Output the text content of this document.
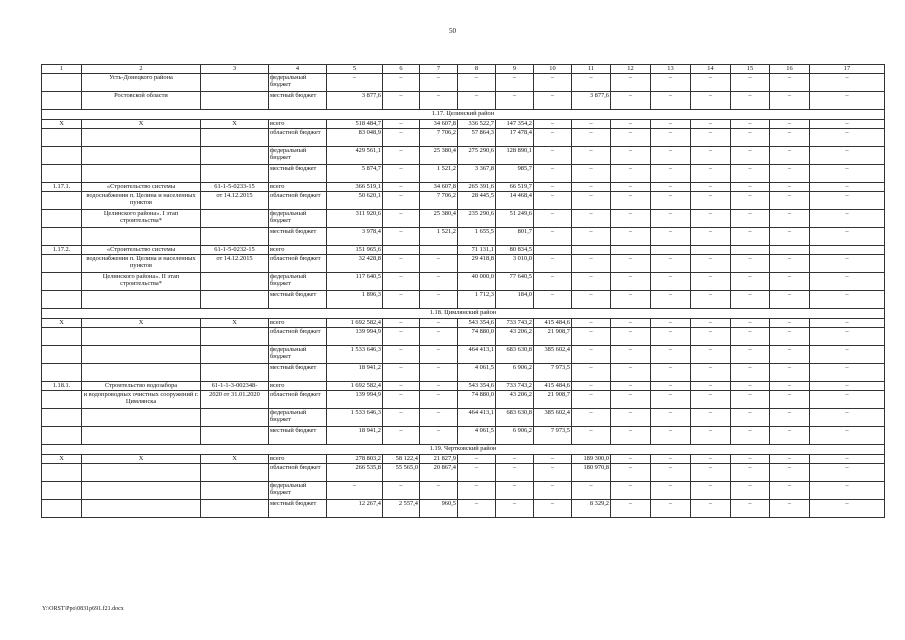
50
1	2	3	4	5	6	7	8	9	10	11	12	13	14	15	16	17
	Усть-Донецкого района		федеральный бюджет	–	–	–	–	–	–	–	–	–	–	–	–	–
	Ростовской области		местный бюджет	3 877,6	–	–	–	–	–	3 877,6	–	–	–	–	–	–
1.17. Целинский район																
Х	Х	Х	всего	518 484,7	–	34 607,8	336 522,7	147 354,2	–	–	–	–	–	–	–	–
			областной бюджет	83 048,9	–	7 706,2	57 864,3	17 478,4	–	–	–	–	–	–	–	–
			федеральный бюджет	429 561,1	–	25 380,4	275 290,6	128 890,1	–	–	–	–	–	–	–	–
			местный бюджет	5 874,7	–	1 521,2	3 367,8	985,7	–	–	–	–	–	–	–	–
1.17.1.	«Строительство системы	61-1-5-0233-15	всего	366 519,1	–	34 607,8	265 391,6	66 519,7	–	–	–	–	–	–	–	–
	водоснабжения п. Целина и населенных пунктов	от 14.12.2015	областной бюджет	50 620,1	–	7 706,2	28 445,5	14 468,4	–	–	–	–	–	–	–	–
	Целинского района». I этап строительства*		федеральный бюджет	311 920,6	–	25 380,4	235 290,6	51 249,6	–	–	–	–	–	–	–	–
			местный бюджет	3 978,4	–	1 521,2	1 655,5	801,7	–	–	–	–	–	–	–	–
1.17.2.	«Строительство системы	61-1-5-0232-15	всего	151 965,6			71 131,1	80 834,5								
	водоснабжения п. Целина и населенных пунктов	от 14.12.2015	областной бюджет	32 428,8	–	–	29 418,8	3 010,0	–	–	–	–	–	–	–	–
	Целинского района». II этап строительства*		федеральный бюджет	117 640,5	–	–	40 000,0	77 640,5	–	–	–	–	–	–	–	–
			местный бюджет	1 896,3	–	–	1 712,3	184,0	–	–	–	–	–	–	–	–
1.18. Цимлянский район																
Х	Х	Х	всего	1 692 582,4	–	–	543 354,6	733 743,2	415 484,6	–	–	–	–	–	–	–
			областной бюджет	139 994,9	–	–	74 880,0	43 206,2	21 908,7	–	–	–	–	–	–	–
			федеральный бюджет	1 533 646,3	–	–	464 413,1	683 630,8	385 602,4	–	–	–	–	–	–	–
			местный бюджет	18 941,2	–	–	4 061,5	6 906,2	7 973,5	–	–	–	–	–	–	–
1.18.1.	Строительство водозабора	61-1-1-3-002348-	всего	1 692 582,4	–	–	543 354,6	733 743,2	415 484,6	–	–	–	–	–	–	–
	и водопроводных очистных сооружений г. Цимлянска	2020 от 31.01.2020	областной бюджет	139 994,9	–	–	74 880,0	43 206,2	21 908,7	–	–	–	–	–	–	–
			федеральный бюджет	1 533 646,3	–	–	464 413,1	683 630,8	385 602,4	–	–	–	–	–	–	–
			местный бюджет	18 941,2	–	–	4 061,5	6 906,2	7 973,5	–	–	–	–	–	–	–
1.19. Чертковский район																
Х	Х	Х	всего	278 803,2	58 122,4	21 827,9	–	–	–	189 300,0	–	–	–	–	–	–
			областной бюджет	266 535,8	55 565,0	20 867,4	–	–	–	180 970,8	–	–	–	–	–	–
			федеральный бюджет	–	–	–	–	–	–	–	–	–	–	–	–	–
			местный бюджет	12 267,4	2 557,4	960,5	–	–	–	8 329,2	–	–	–	–	–	–
Y:\ORST\Ppo\0831p691.f21.docx
